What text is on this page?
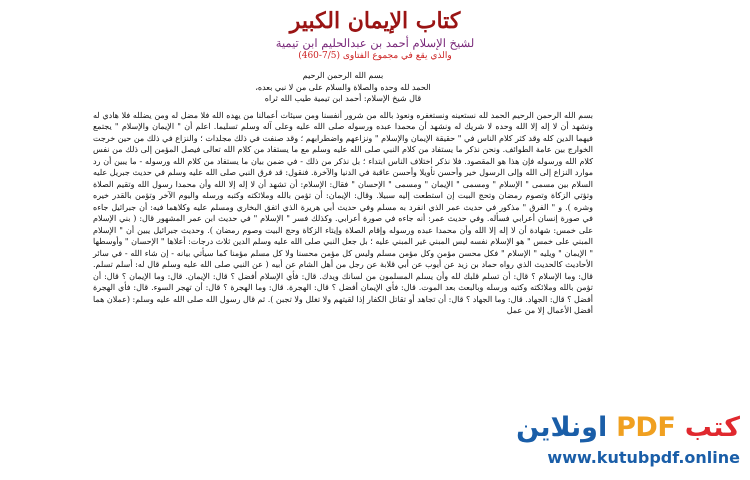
كتاب الإيمان الكبير
لشيخ الإسلام أحمد بن عبدالحليم ابن تيمية
والذي يقع في مجموع الفتاوى (7/5-460)

بسم الله الرحمن الرحيم

الحمد لله وحده والصلاة والسلام على من لا نبي بعده،

قال شيخ الإسلام: أحمد ابن تيمية طيب الله ثراه

بسم الله الرحمن الرحيم الحمد لله نستعينه ونستغفره ونعوذ بالله من شرور أنفسنا ومن سيئات أعمالنا من يهده الله فلا مضل له ومن يضلله فلا هادي له ونشهد أن لا إله إلا الله وحده لا شريك له ونشهد أن محمدا عبده ورسوله صلى الله عليه وعلى آله وسلم تسليما. اعلم أن " الإيمان والإسلام " يجتمع فيهما الدين كله وقد كثر كلام الناس في " حقيقة الإيمان والإسلام " ونزاعهم واضطرابهم ؛ وقد صنفت في ذلك مجلدات ؛ والنزاع في ذلك من حين خرجت الخوارج بين عامة الطوائف. ونحن نذكر ما يستفاد من كلام النبي صلى الله عليه وسلم مع ما يستفاد من كلام الله تعالى فيصل المؤمن إلى ذلك من نفس كلام الله ورسوله فإن هذا هو المقصود. فلا نذكر اختلاف الناس ابتداء ؛ بل نذكر من ذلك - في ضمن بيان ما يستفاد من كلام الله ورسوله - ما يبين أن رد موارد النزاع إلى الله وإلى الرسول خير وأحسن تأويلا وأحسن عاقبة في الدنيا والآخرة. فنقول: قد فرق النبي صلى الله عليه وسلم في حديث جبريل عليه السلام بين مسمى " الإسلام " ومسمى " الإيمان " ومسمى " الإحسان " فقال: الإسلام: أن تشهد أن لا إله إلا الله وأن محمدا رسول الله وتقيم الصلاة وتؤتي الزكاة وتصوم رمضان وتحج البيت إن استطعت إليه سبيلا. وقال: الإيمان: أن تؤمن بالله وملائكته وكتبه ورسله واليوم الآخر وتؤمن بالقدر خيره وشره ). و " الفرق " مذكور في حديث عمر الذي انفرد به مسلم وفي حديث أبي هريرة الذي اتفق البخاري ومسلم عليه وكلاهما فيه: أن جبرائيل جاءه في صورة إنسان أعرابي فسأله. وفي حديث عمر: أنه جاءه في صورة أعرابي. وكذلك فسر " الإسلام " في حديث ابن عمر المشهور قال: ( بني الإسلام على خمس: شهادة أن لا إله إلا الله وأن محمدا عبده ورسوله وإقام الصلاة وإيتاء الزكاة وحج البيت وصوم رمضان ). وحديث جبرائيل يبين أن " الإسلام المبني على خمس " هو الإسلام نفسه ليس المبني غير المبني عليه ؛ بل جعل النبي صلى الله عليه وسلم الدين ثلاث درجات: أعلاها " الإحسان " وأوسطها " الإيمان " ويليه " الإسلام " فكل محسن مؤمن وكل مؤمن مسلم وليس كل مؤمن محسنا ولا كل مسلم مؤمنا كما سيأتي بيانه - إن شاء الله - في سائر الأحاديث كالحديث الذي رواه حماد بن زيد عن أيوب عن أبي قلابة عن رجل من أهل الشام عن أبيه ( عن النبي صلى الله عليه وسلم قال له: أسلم تسلم. قال: وما الإسلام ؟ قال: أن تسلم قلبك لله وأن يسلم المسلمون من لسانك ويدك. قال: فأي الإسلام أفضل ؟ قال: الإيمان. قال: وما الإيمان ؟ قال: أن تؤمن بالله وملائكته وكتبه ورسله وبالبعث بعد الموت. قال: فأي الإيمان أفضل ؟ قال: الهجرة. قال: وما الهجرة ؟ قال: أن تهجر السوء. قال: فأي الهجرة أفضل ؟ قال: الجهاد. قال: وما الجهاد ؟ قال: أن تجاهد أو تقاتل الكفار إذا لقيتهم ولا تغلل ولا تجبن ). ثم قال رسول الله صلى الله عليه وسلم: (عملان هما أفضل الأعمال إلا من عمل

كتب PDF اونلاين
www.kutubpdf.online
